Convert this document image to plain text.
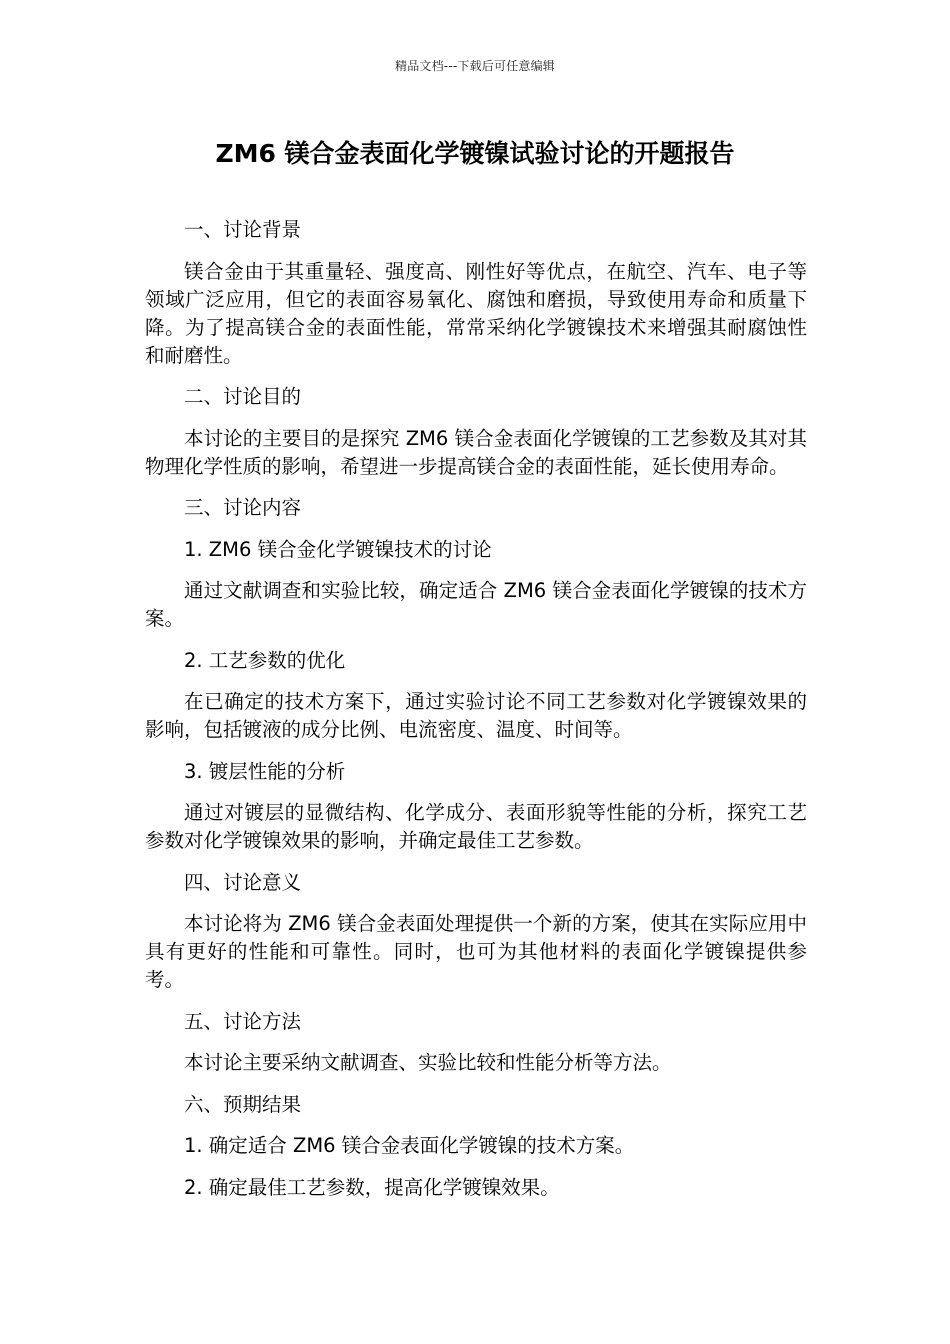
精品文档---下载后可任意编辑
ZM6 镁合金表面化学镀镍试验讨论的开题报告

一、讨论背景

镁合金由于其重量轻、强度高、刚性好等优点，在航空、汽车、电子等领域广泛应用，但它的表面容易氧化、腐蚀和磨损，导致使用寿命和质量下降。为了提高镁合金的表面性能，常常采纳化学镀镍技术来增强其耐腐蚀性和耐磨性。

二、讨论目的

本讨论的主要目的是探究 ZM6 镁合金表面化学镀镍的工艺参数及其对其物理化学性质的影响，希望进一步提高镁合金的表面性能，延长使用寿命。

三、讨论内容

1. ZM6 镁合金化学镀镍技术的讨论

通过文献调查和实验比较，确定适合 ZM6 镁合金表面化学镀镍的技术方案。

2. 工艺参数的优化

在已确定的技术方案下，通过实验讨论不同工艺参数对化学镀镍效果的影响，包括镀液的成分比例、电流密度、温度、时间等。

3. 镀层性能的分析

通过对镀层的显微结构、化学成分、表面形貌等性能的分析，探究工艺参数对化学镀镍效果的影响，并确定最佳工艺参数。

四、讨论意义

本讨论将为 ZM6 镁合金表面处理提供一个新的方案，使其在实际应用中具有更好的性能和可靠性。同时，也可为其他材料的表面化学镀镍提供参考。

五、讨论方法

本讨论主要采纳文献调查、实验比较和性能分析等方法。

六、预期结果

1. 确定适合 ZM6 镁合金表面化学镀镍的技术方案。

2. 确定最佳工艺参数，提高化学镀镍效果。
